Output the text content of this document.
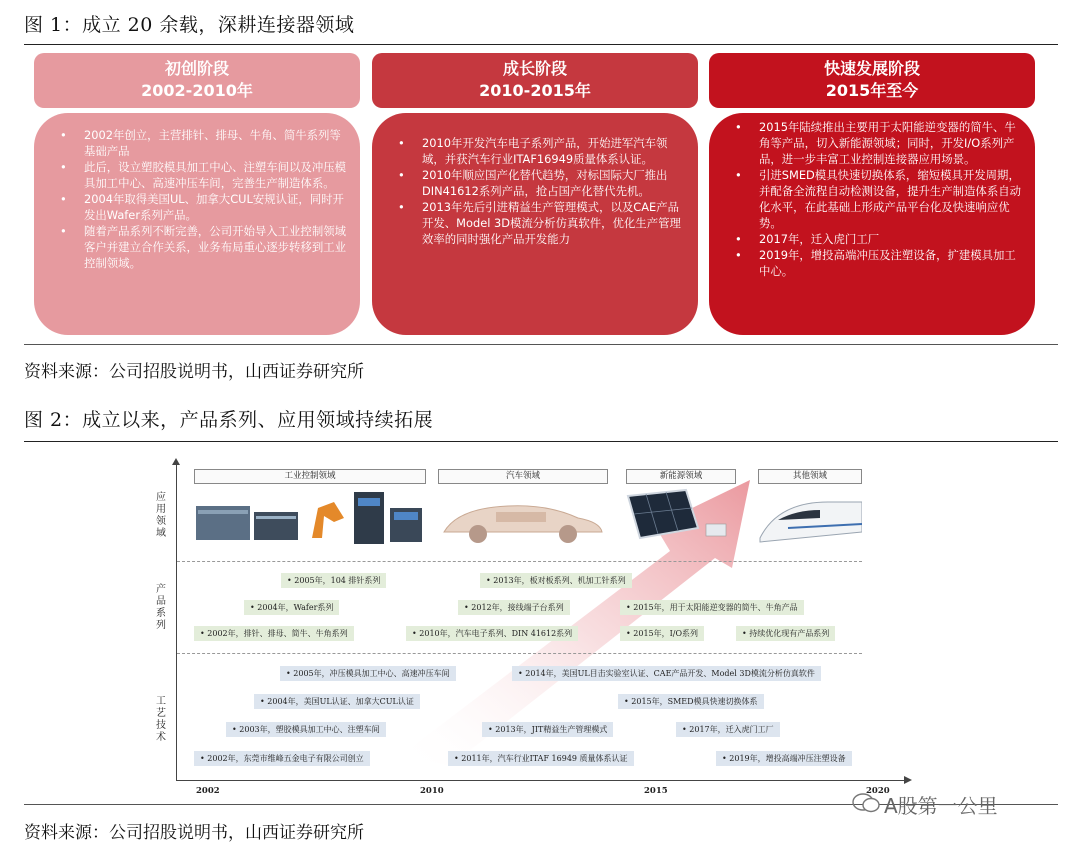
图 1：成立 20 余载，深耕连接器领域
初创阶段
2002-2010年
成长阶段
2010-2015年
快速发展阶段
2015年至今
• 2002年创立，主营排针、排母、牛角、简牛系列等基础产品
• 此后，设立塑胶模具加工中心、注塑车间以及冲压模具加工中心、高速冲压车间，完善生产制造体系。
• 2004年取得美国UL、加拿大CUL安规认证，同时开发出Wafer系列产品。
• 随着产品系列不断完善，公司开始导入工业控制领域客户并建立合作关系，业务布局重心逐步转移到工业控制领域。
• 2010年开发汽车电子系列产品，开始进军汽车领域，并获汽车行业ITAF16949质量体系认证。
• 2010年顺应国产化替代趋势，对标国际大厂推出DIN41612系列产品，抢占国产化替代先机。
• 2013年先后引进精益生产管理模式，以及CAE产品开发、Model 3D模流分析仿真软件，优化生产管理效率的同时强化产品开发能力
• 2015年陆续推出主要用于太阳能逆变器的简牛、牛角等产品，切入新能源领域；同时，开发I/O系列产品，进一步丰富工业控制连接器应用场景。
• 引进SMED模具快速切换体系，缩短模具开发周期，并配备全流程自动检测设备，提升生产制造体系自动化水平，在此基础上形成产品平台化及快速响应优势。
• 2017年，迁入虎门工厂
• 2019年，增投高端冲压及注塑设备，扩建模具加工中心。
资料来源：公司招股说明书，山西证券研究所
图 2：成立以来，产品系列、应用领域持续拓展
应用领域
产品系列
工艺技术
工业控制领域	汽车领域	新能源领域	其他领域
• 2005年，104 排针系列	• 2013年，板对板系列、机加工针系列
• 2004年，Wafer系列	• 2012年，接线端子台系列	• 2015年，用于太阳能逆变器的简牛、牛角产品
• 2002年，排针、排母、简牛、牛角系列	• 2010年，汽车电子系列、DIN 41612系列	• 2015年，I/O系列	• 持续优化现有产品系列
• 2005年，冲压模具加工中心、高速冲压车间	• 2014年，美国UL目击实验室认证、CAE产品开发、Model 3D模流分析仿真软件
• 2004年，美国UL认证、加拿大CUL认证	• 2015年，SMED模具快速切换体系
• 2003年，塑胶模具加工中心、注塑车间	• 2013年，JIT精益生产管理模式	• 2017年，迁入虎门工厂
• 2002年，东莞市维峰五金电子有限公司创立	• 2011年，汽车行业ITAF 16949 质量体系认证	• 2019年，增投高端冲压注塑设备
2002	2010	2015	2020
资料来源：公司招股说明书，山西证券研究所
A股第一公里
